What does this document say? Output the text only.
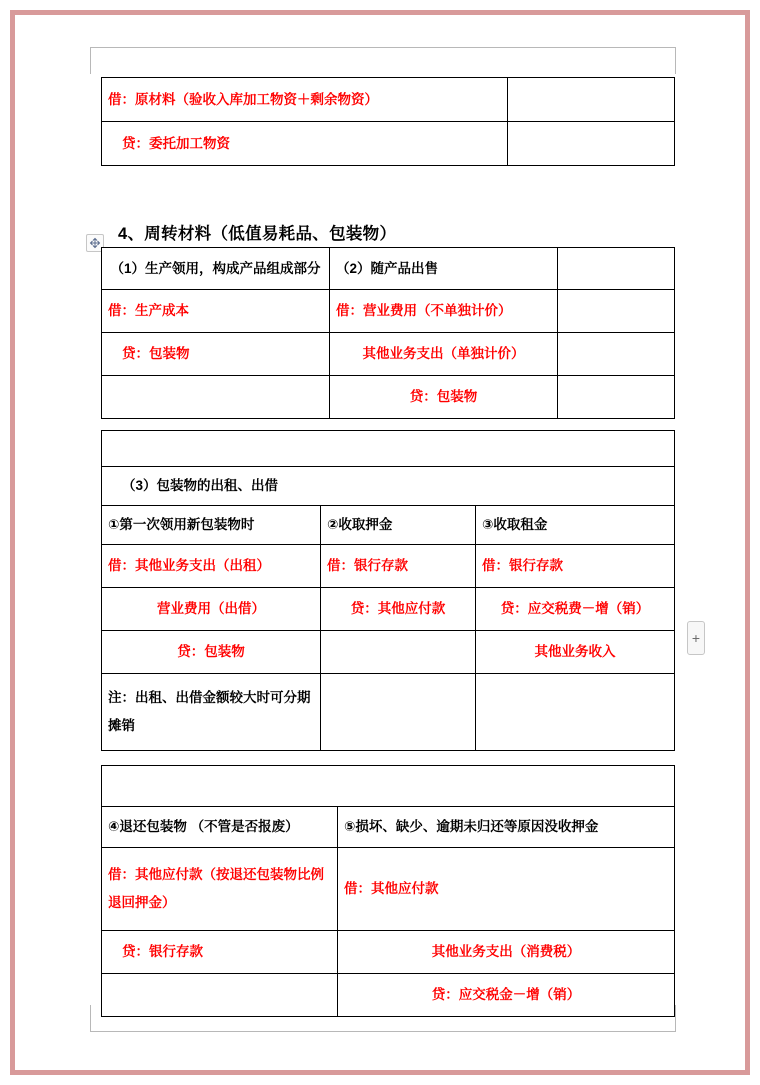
借：原材料（验收入库加工物资＋剩余物资）	
贷：委托加工物资	
4、周转材料（低值易耗品、包装物）
（1）生产领用，构成产品组成部分	（2）随产品出售	
借：生产成本	借：营业费用（不单独计价）	
贷：包装物	其他业务支出（单独计价）	
	贷：包装物	

（3）包装物的出租、出借		
①第一次领用新包装物时	②收取押金	③收取租金
借：其他业务支出（出租）	借：银行存款	借：银行存款
营业费用（出借）	贷：其他应付款	贷：应交税费－增（销）
贷：包装物		其他业务收入
注：出租、出借金额较大时可分期摊销		
+

④退还包装物 （不管是否报废）	⑤损坏、缺少、逾期未归还等原因没收押金
借：其他应付款（按退还包装物比例退回押金）	借：其他应付款
贷：银行存款	其他业务支出（消费税）
	贷：应交税金－增（销）
